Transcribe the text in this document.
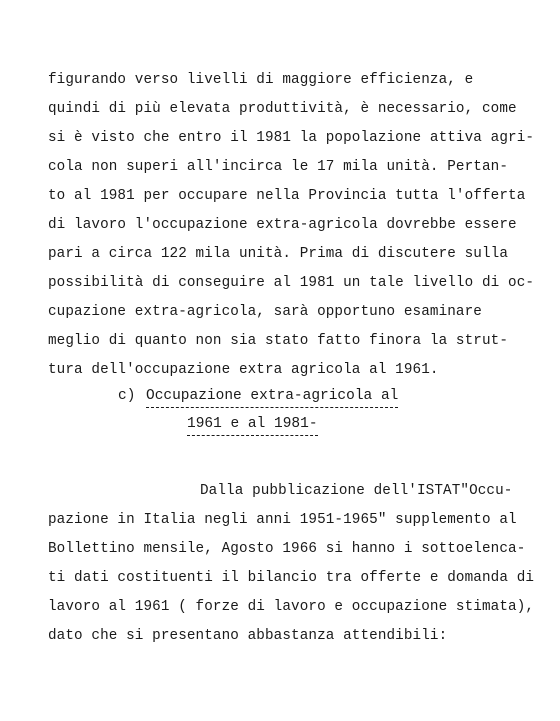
figurando verso livelli di maggiore efficienza, e
quindi di più elevata produttività, è necessario, come
si è visto che entro il 1981 la popolazione attiva agri-
cola non superi all'incirca le 17 mila unità. Pertan-
to al 1981 per occupare nella Provincia tutta l'offerta
di lavoro l'occupazione extra-agricola dovrebbe essere
pari a circa 122 mila unità. Prima di discutere sulla
possibilità di conseguire al 1981 un tale livello di oc-
cupazione extra-agricola, sarà opportuno esaminare
meglio di quanto non sia stato fatto finora la strut-
tura dell'occupazione extra agricola al 1961.
c) Occupazione extra-agricola al
1961 e al 1981-
Dalla pubblicazione dell'ISTAT"Occu-
pazione in Italia negli anni 1951-1965" supplemento al
Bollettino mensile, Agosto 1966 si hanno i sottoelenca-
ti dati costituenti il bilancio tra offerte e domanda di
lavoro al 1961 ( forze di lavoro e occupazione stimata),
dato che si presentano abbastanza attendibili:
